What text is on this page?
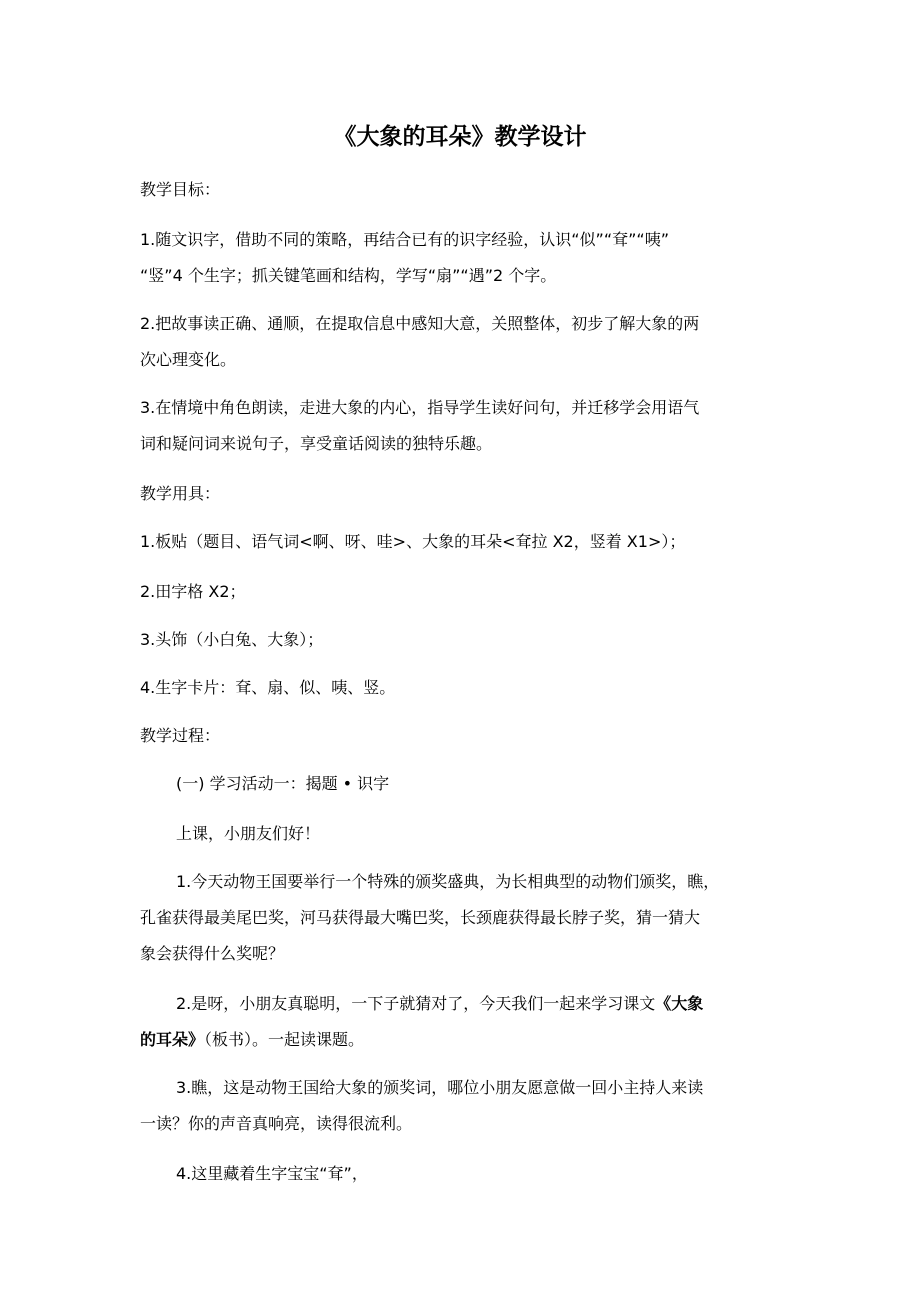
《大象的耳朵》教学设计
教学目标：
1.随文识字，借助不同的策略，再结合已有的识字经验，认识“似”“耷”“咦”
“竖”4 个生字；抓关键笔画和结构，学写“扇”“遇”2 个字。
2.把故事读正确、通顺，在提取信息中感知大意，关照整体，初步了解大象的两
次心理变化。
3.在情境中角色朗读，走进大象的内心，指导学生读好问句，并迁移学会用语气
词和疑问词来说句子，享受童话阅读的独特乐趣。
教学用具：
1.板贴（题目、语气词<啊、呀、哇>、大象的耳朵<耷拉 X2，竖着 X1>）；
2.田字格 X2；
3.头饰（小白兔、大象）；
4.生字卡片：耷、扇、似、咦、竖。
教学过程：
(一) 学习活动一：揭题 • 识字
上课，小朋友们好！
1.今天动物王国要举行一个特殊的颁奖盛典，为长相典型的动物们颁奖，瞧，
孔雀获得最美尾巴奖，河马获得最大嘴巴奖，长颈鹿获得最长脖子奖，猜一猜大
象会获得什么奖呢？
2.是呀，小朋友真聪明，一下子就猜对了，今天我们一起来学习课文《大象
的耳朵》（板书）。一起读课题。
3.瞧，这是动物王国给大象的颁奖词，哪位小朋友愿意做一回小主持人来读
一读？你的声音真响亮，读得很流利。
4.这里藏着生字宝宝“耷”，
